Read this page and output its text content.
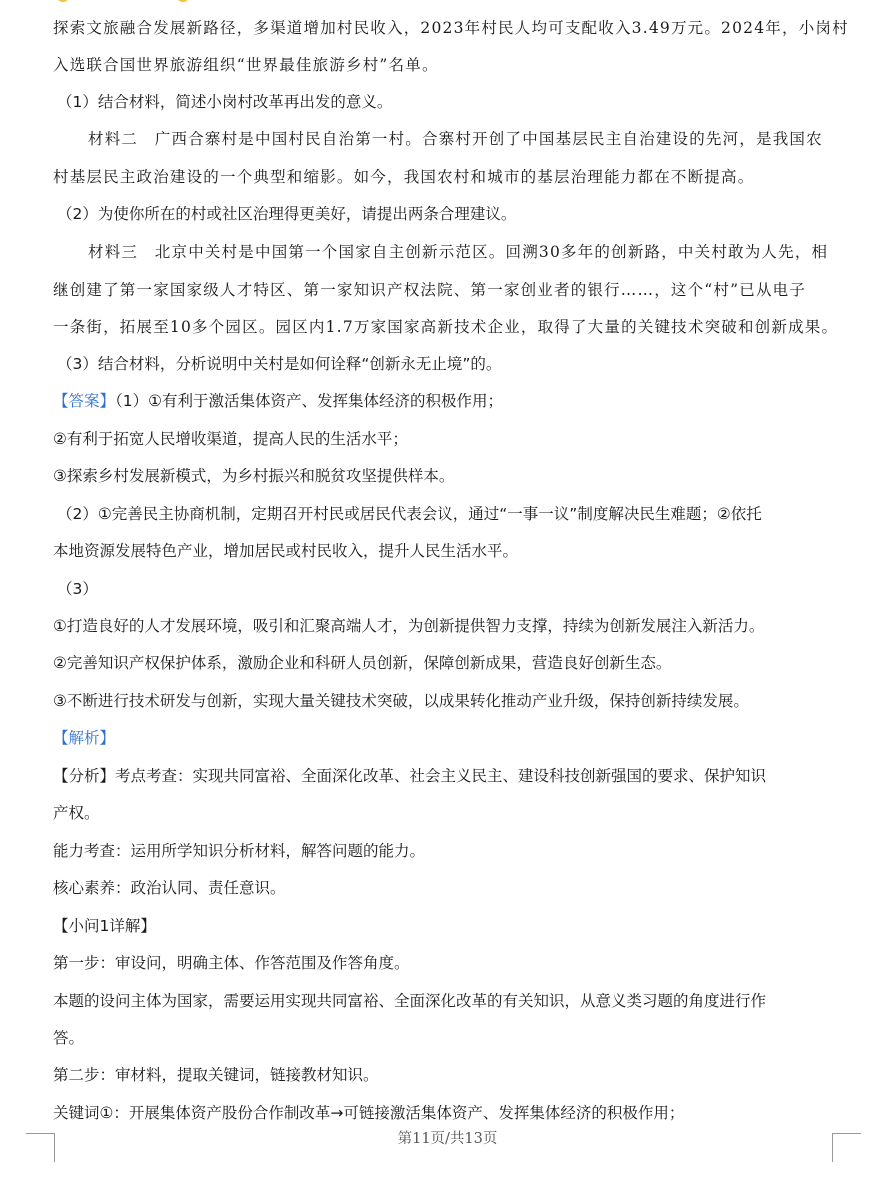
探索文旅融合发展新路径，多渠道增加村民收入，2023年村民人均可支配收入3.49万元。2024年，小岗村
入选联合国世界旅游组织“世界最佳旅游乡村”名单。
（1）结合材料，简述小岗村改革再出发的意义。
材料二　广西合寨村是中国村民自治第一村。合寨村开创了中国基层民主自治建设的先河，是我国农
村基层民主政治建设的一个典型和缩影。如今，我国农村和城市的基层治理能力都在不断提高。
（2）为使你所在的村或社区治理得更美好，请提出两条合理建议。
材料三　北京中关村是中国第一个国家自主创新示范区。回溯30多年的创新路，中关村敢为人先，相
继创建了第一家国家级人才特区、第一家知识产权法院、第一家创业者的银行……，这个“村”已从电子
一条街，拓展至10多个园区。园区内1.7万家国家高新技术企业，取得了大量的关键技术突破和创新成果。
（3）结合材料，分析说明中关村是如何诠释“创新永无止境”的。
【答案】（1）①有利于激活集体资产、发挥集体经济的积极作用；
②有利于拓宽人民增收渠道，提高人民的生活水平；
③探索乡村发展新模式，为乡村振兴和脱贫攻坚提供样本。
（2）①完善民主协商机制，定期召开村民或居民代表会议，通过“一事一议”制度解决民生难题；②依托
本地资源发展特色产业，增加居民或村民收入，提升人民生活水平。
（3）
①打造良好的人才发展环境，吸引和汇聚高端人才，为创新提供智力支撑，持续为创新发展注入新活力。
②完善知识产权保护体系，激励企业和科研人员创新，保障创新成果，营造良好创新生态。
③不断进行技术研发与创新，实现大量关键技术突破，以成果转化推动产业升级，保持创新持续发展。
【解析】
【分析】考点考查：实现共同富裕、全面深化改革、社会主义民主、建设科技创新强国的要求、保护知识
产权。
能力考查：运用所学知识分析材料，解答问题的能力。
核心素养：政治认同、责任意识。
【小问1详解】
第一步：审设问，明确主体、作答范围及作答角度。
本题的设问主体为国家，需要运用实现共同富裕、全面深化改革的有关知识，从意义类习题的角度进行作
答。
第二步：审材料，提取关键词，链接教材知识。
关键词①：开展集体资产股份合作制改革→可链接激活集体资产、发挥集体经济的积极作用；
第11页/共13页
